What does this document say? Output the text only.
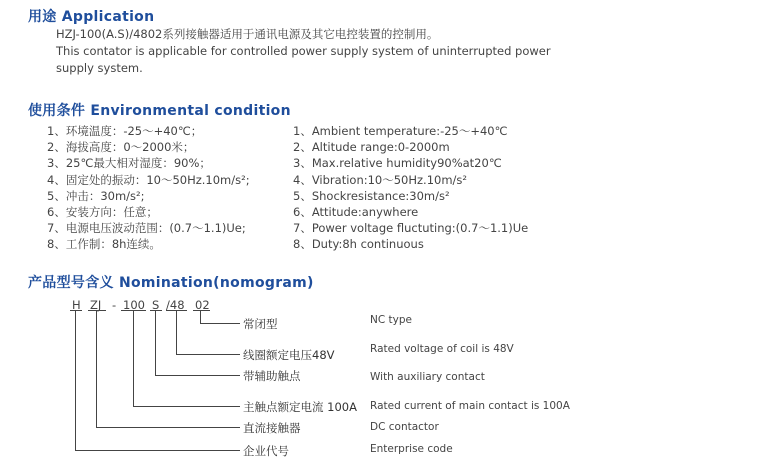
用途 Application
HZJ-100(A.S)/4802系列接触器适用于通讯电源及其它电控装置的控制用。
This contator is applicable for controlled power supply system of uninterrupted power
supply system.
使用条件 Environmental condition
1、环境温度：-25～+40℃；
2、海拔高度：0～2000米；
3、25℃最大相对湿度：90%；
4、固定处的振动：10～50Hz.10m/s²;
5、冲击：30m/s²;
6、安装方向：任意；
7、电源电压波动范围：(0.7～1.1)Ue;
8、工作制：8h连续。
1、Ambient temperature:-25～+40℃
2、Altitude range:0-2000m
3、Max.relative humidity90%at20℃
4、Vibration:10～50Hz.10m/s²
5、Shockresistance:30m/s²
6、Attitude:anywhere
7、Power voltage fluctuting:(0.7～1.1)Ue
8、Duty:8h continuous
产品型号含义 Nomination(nomogram)
H ZJ - 100 S /48 02
常闭型	NC type
线圈额定电压48V	Rated voltage of coil is 48V
带辅助触点	With auxiliary contact
主触点额定电流 100A Rated current of main contact is 100A
直流接触器	DC contactor
企业代号	Enterprise code
